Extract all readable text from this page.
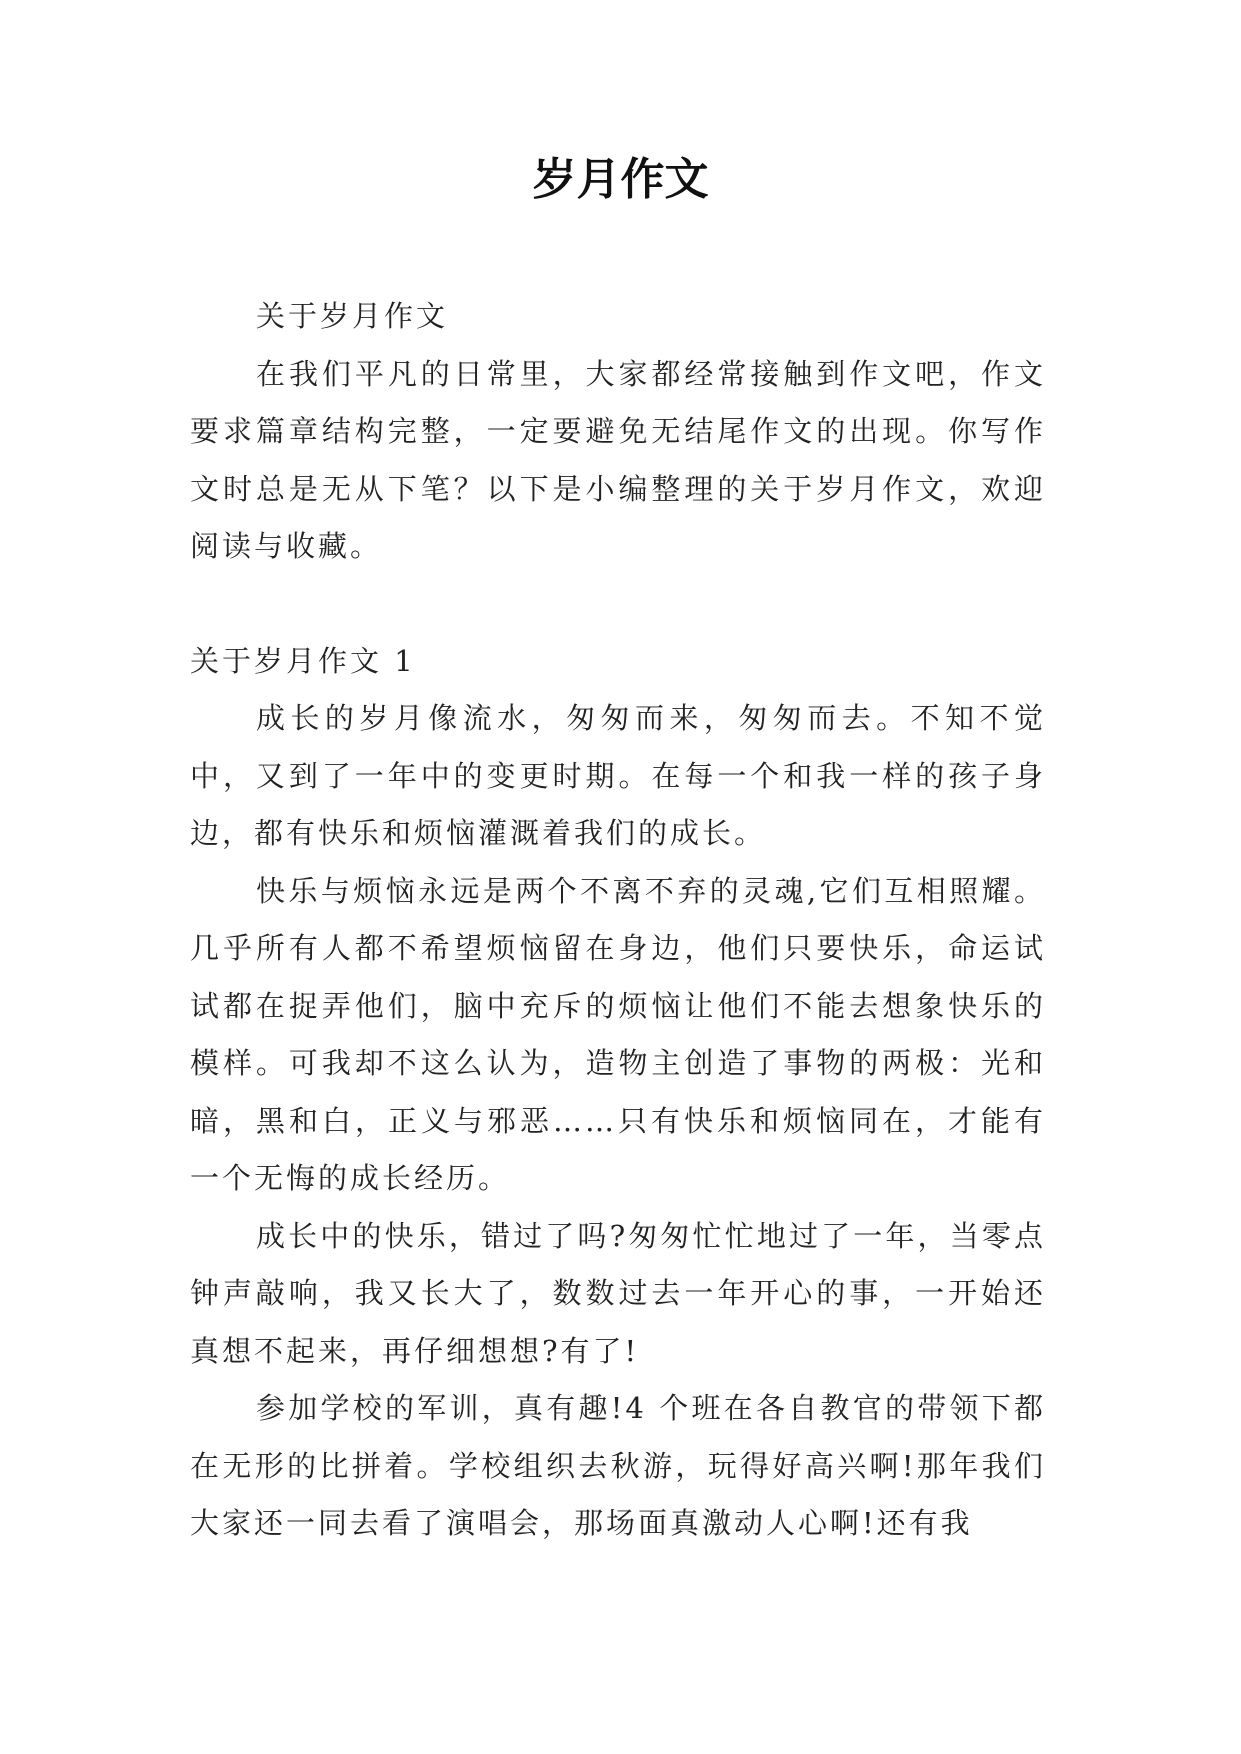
岁月作文

关于岁月作文

在我们平凡的日常里，大家都经常接触到作文吧，作文要求篇章结构完整，一定要避免无结尾作文的出现。你写作文时总是无从下笔？以下是小编整理的关于岁月作文，欢迎阅读与收藏。

关于岁月作文 1

成长的岁月像流水，匆匆而来，匆匆而去。不知不觉中，又到了一年中的变更时期。在每一个和我一样的孩子身边，都有快乐和烦恼灌溉着我们的成长。

快乐与烦恼永远是两个不离不弃的灵魂,它们互相照耀。几乎所有人都不希望烦恼留在身边，他们只要快乐，命运试试都在捉弄他们，脑中充斥的烦恼让他们不能去想象快乐的模样。可我却不这么认为，造物主创造了事物的两极：光和暗，黑和白，正义与邪恶……只有快乐和烦恼同在，才能有一个无悔的成长经历。

成长中的快乐，错过了吗?匆匆忙忙地过了一年，当零点钟声敲响，我又长大了，数数过去一年开心的事，一开始还真想不起来，再仔细想想?有了!

参加学校的军训，真有趣!4 个班在各自教官的带领下都在无形的比拼着。学校组织去秋游，玩得好高兴啊!那年我们大家还一同去看了演唱会，那场面真激动人心啊!还有我
